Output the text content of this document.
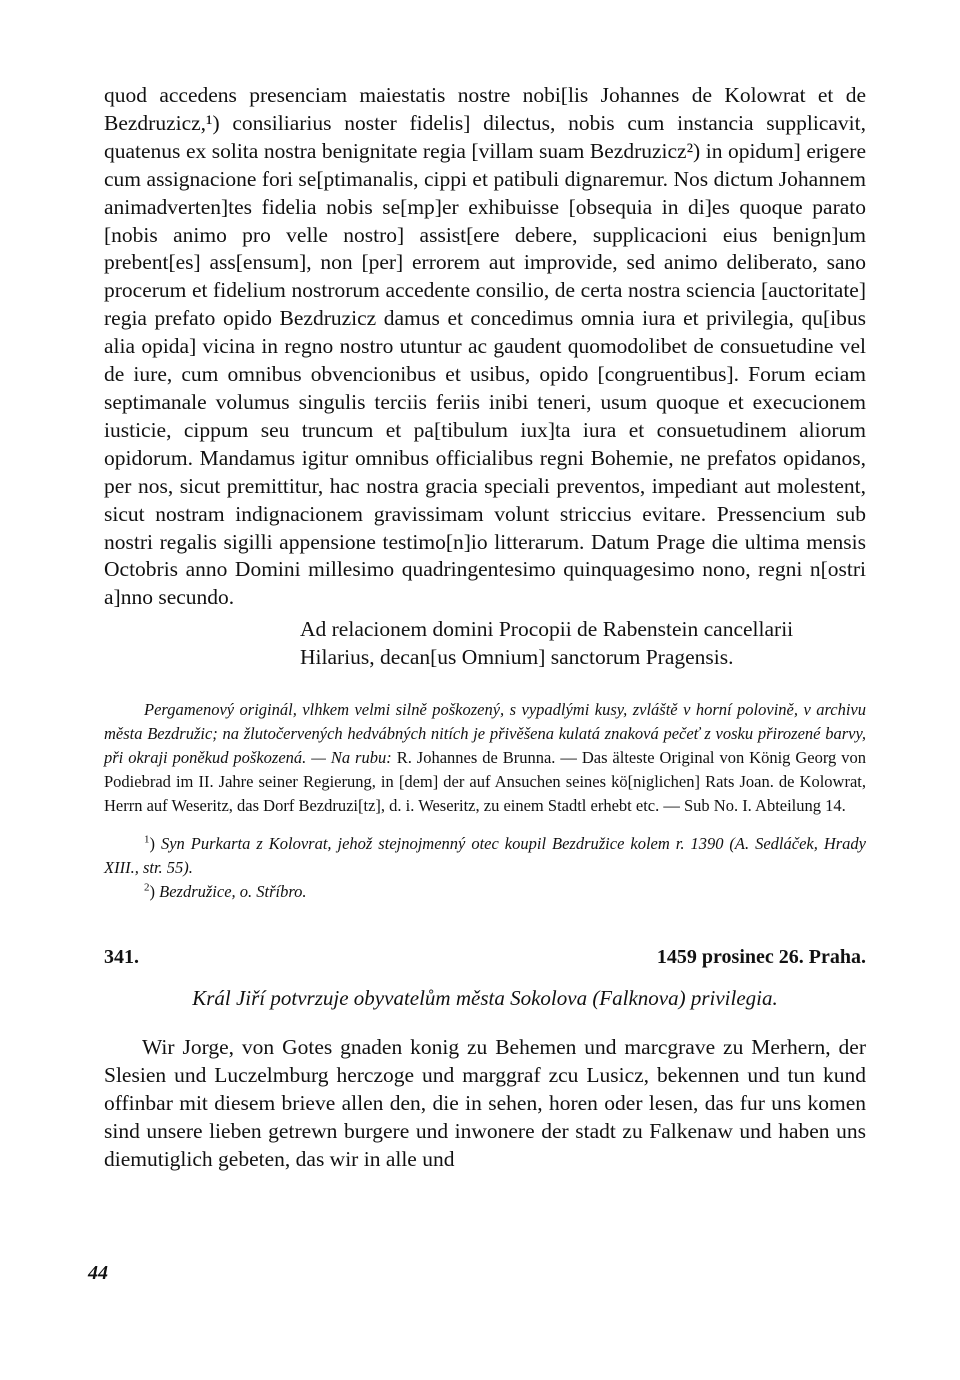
quod accedens presenciam maiestatis nostre nobi[lis Johannes de Kolowrat et de Bezdruzicz,¹) consiliarius noster fidelis] dilectus, nobis cum instancia supplicavit, quatenus ex solita nostra benignitate regia [villam suam Bezdruzicz²) in opidum] erigere cum assignacione fori se[ptimanalis, cippi et patibuli dignaremur. Nos dictum Johannem animadverten]tes fidelia nobis se[mp]er exhibuisse [obsequia in di]es quoque parato [nobis animo pro velle nostro] assist[ere debere, supplicacioni eius benign]um prebent[es] ass[ensum], non [per] errorem aut improvide, sed animo deliberato, sano procerum et fidelium nostrorum accedente consilio, de certa nostra sciencia [auctoritate] regia prefato opido Bezdruzicz damus et concedimus omnia iura et privilegia, qu[ibus alia opida] vicina in regno nostro utuntur ac gaudent quomodolibet de consuetudine vel de iure, cum omnibus obvencionibus et usibus, opido [congruentibus]. Forum eciam septimanale volumus singulis terciis feriis inibi teneri, usum quoque et execucionem iusticie, cippum seu truncum et pa[tibulum iux]ta iura et consuetudinem aliorum opidorum. Mandamus igitur omnibus officialibus regni Bohemie, ne prefatos opidanos, per nos, sicut premittitur, hac nostra gracia speciali preventos, impediant aut molestent, sicut nostram indignacionem gravissimam volunt striccius evitare. Pressencium sub nostri regalis sigilli appensione testimo[n]io litterarum. Datum Prage die ultima mensis Octobris anno Domini millesimo quadringentesimo quinquagesimo nono, regni n[ostri a]nno secundo.

Ad relacionem domini Procopii de Rabenstein cancellarii
Hilarius, decan[us Omnium] sanctorum Pragensis.

Pergamenový originál, vlhkem velmi silně poškozený, s vypadlými kusy, zvláště v horní polovině, v archivu města Bezdružic; na žlutočervených hedvábných nitích je přivěšena kulatá znaková pečeť z vosku přirozené barvy, při okraji poněkud poškozená. — Na rubu: R. Johannes de Brunna. — Das älteste Original von König Georg von Podiebrad im II. Jahre seiner Regierung, in [dem] der auf Ansuchen seines kö[niglichen] Rats Joan. de Kolowrat, Herrn auf Weseritz, das Dorf Bezdruzi[tz], d. i. Weseritz, zu einem Stadtl erhebt etc. — Sub No. I. Abteilung 14.

$^1$) Syn Purkarta z Kolovrat, jehož stejnojmenný otec koupil Bezdružice kolem r. 1390 (A. Sedláček, Hrady XIII., str. 55).

$^2$) Bezdružice, o. Stříbro.

341.	1459 prosinec 26. Praha.
Král Jiří potvrzuje obyvatelům města Sokolova (Falknova) privilegia.

Wir Jorge, von Gotes gnaden konig zu Behemen und marcgrave zu Merhern, der Slesien und Luczelmburg herczoge und marggraf zcu Lusicz, bekennen und tun kund offinbar mit diesem brieve allen den, die in sehen, horen oder lesen, das fur uns komen sind unsere lieben getrewn burgere und inwonere der stadt zu Falkenaw und haben uns diemutiglich gebeten, das wir in alle und

44
